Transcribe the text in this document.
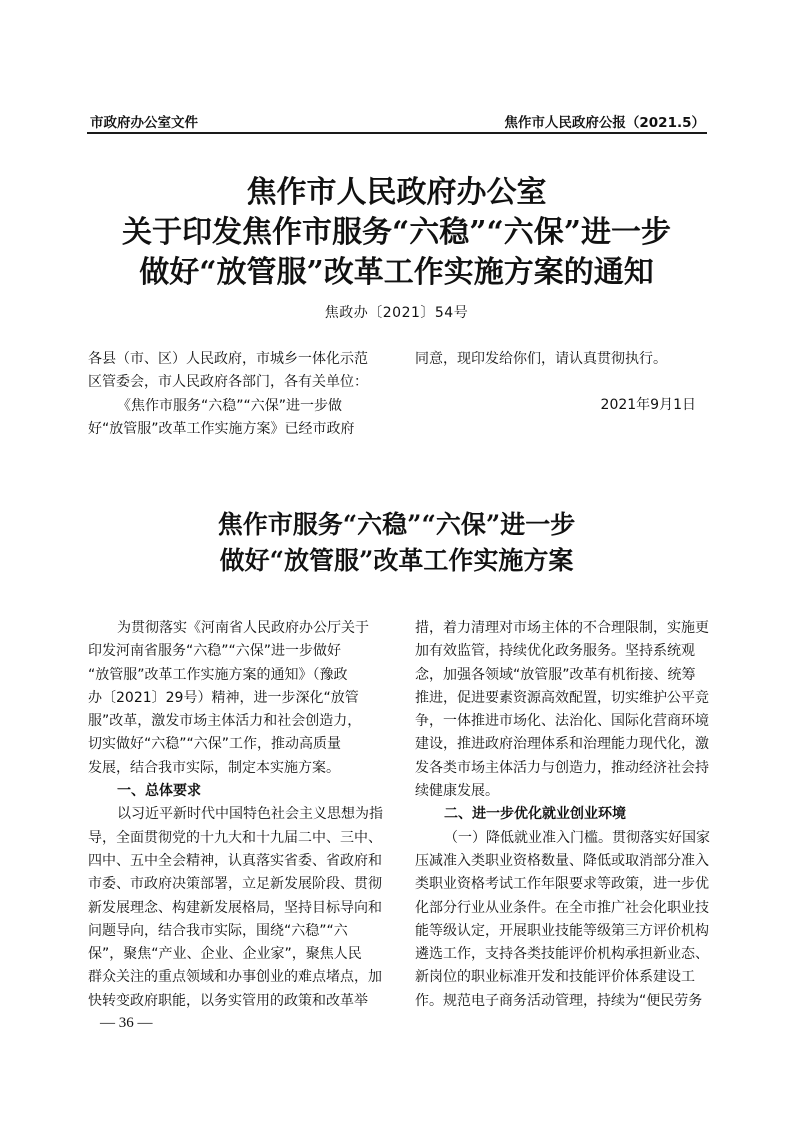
市政府办公室文件	焦作市人民政府公报（2021.5）
焦作市人民政府办公室
关于印发焦作市服务“六稳”“六保”进一步
做好“放管服”改革工作实施方案的通知
焦政办〔2021〕54号

各县（市、区）人民政府，市城乡一体化示范

区管委会，市人民政府各部门，各有关单位：

《焦作市服务“六稳”“六保”进一步做

好“放管服”改革工作实施方案》已经市政府

同意，现印发给你们，请认真贯彻执行。

2021年9月1日

焦作市服务“六稳”“六保”进一步
做好“放管服”改革工作实施方案

为贯彻落实《河南省人民政府办公厅关于

印发河南省服务“六稳”“六保”进一步做好

“放管服”改革工作实施方案的通知》（豫政

办〔2021〕29号）精神，进一步深化“放管

服”改革，激发市场主体活力和社会创造力，

切实做好“六稳”“六保”工作，推动高质量

发展，结合我市实际，制定本实施方案。

一、总体要求

以习近平新时代中国特色社会主义思想为指

导，全面贯彻党的十九大和十九届二中、三中、

四中、五中全会精神，认真落实省委、省政府和

市委、市政府决策部署，立足新发展阶段、贯彻

新发展理念、构建新发展格局，坚持目标导向和

问题导向，结合我市实际，围绕“六稳”“六

保”，聚焦“产业、企业、企业家”，聚焦人民

群众关注的重点领域和办事创业的难点堵点，加

快转变政府职能，以务实管用的政策和改革举

措，着力清理对市场主体的不合理限制，实施更

加有效监管，持续优化政务服务。坚持系统观

念，加强各领域“放管服”改革有机衔接、统筹

推进，促进要素资源高效配置，切实维护公平竞

争，一体推进市场化、法治化、国际化营商环境

建设，推进政府治理体系和治理能力现代化，激

发各类市场主体活力与创造力，推动经济社会持

续健康发展。

二、进一步优化就业创业环境

（一）降低就业准入门槛。贯彻落实好国家

压减准入类职业资格数量、降低或取消部分准入

类职业资格考试工作年限要求等政策，进一步优

化部分行业从业条件。在全市推广社会化职业技

能等级认定，开展职业技能等级第三方评价机构

遴选工作，支持各类技能评价机构承担新业态、

新岗位的职业标准开发和技能评价体系建设工

作。规范电子商务活动管理，持续为“便民劳务

— 36 —
